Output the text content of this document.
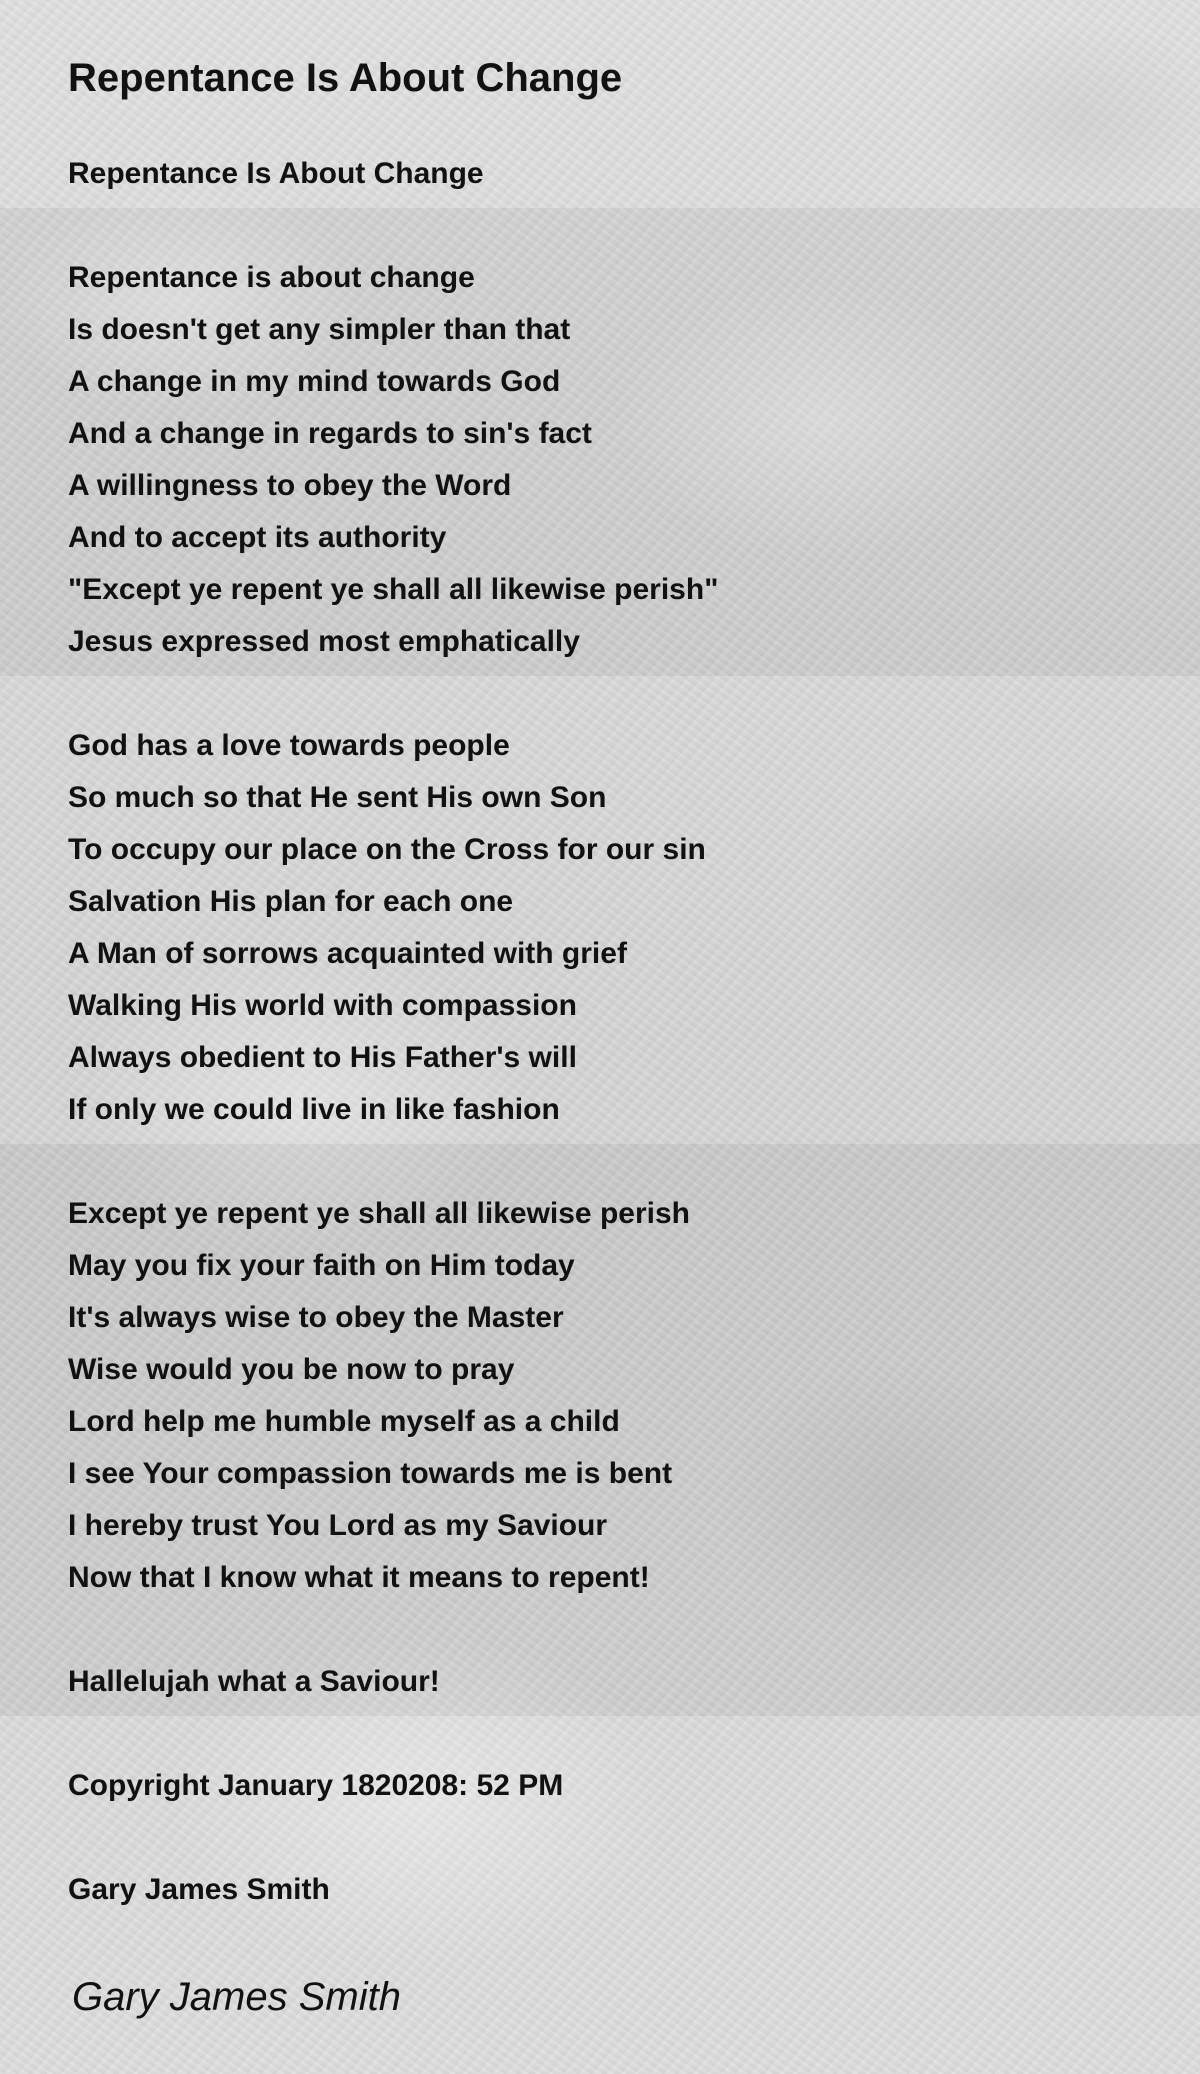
Repentance Is About Change
Repentance Is About Change
Repentance is about change
Is doesn't get any simpler than that
A change in my mind towards God
And a change in regards to sin's fact
A willingness to obey the Word
And to accept its authority
"Except ye repent ye shall all likewise perish"
Jesus expressed most emphatically
God has a love towards people
So much so that He sent His own Son
To occupy our place on the Cross for our sin
Salvation His plan for each one
A Man of sorrows acquainted with grief
Walking His world with compassion
Always obedient to His Father's will
If only we could live in like fashion
Except ye repent ye shall all likewise perish
May you fix your faith on Him today
It's always wise to obey the Master
Wise would you be now to pray
Lord help me humble myself as a child
I see Your compassion towards me is bent
I hereby trust You Lord as my Saviour
Now that I know what it means to repent!
Hallelujah what a Saviour!
Copyright January 1820208: 52 PM
Gary James Smith
Gary James Smith
